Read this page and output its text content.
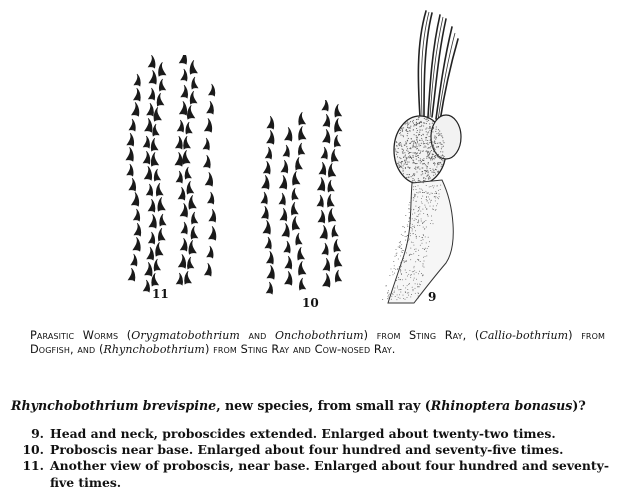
11
10	9
Parasitic Worms (Orygmatobothrium and Onchobothrium) from Sting Ray, (Callio-bothrium) from Dogfish, and (Rhynchobothrium) from Sting Ray and Cow-nosed Ray.
Rhynchobothrium brevispine, new species, from small ray (Rhinoptera bonasus)?
9. Head and neck, proboscides extended. Enlarged about twenty-two times.
10. Proboscis near base. Enlarged about four hundred and seventy-five times.
11. Another view of proboscis, near base. Enlarged about four hundred and seventy-five times.
